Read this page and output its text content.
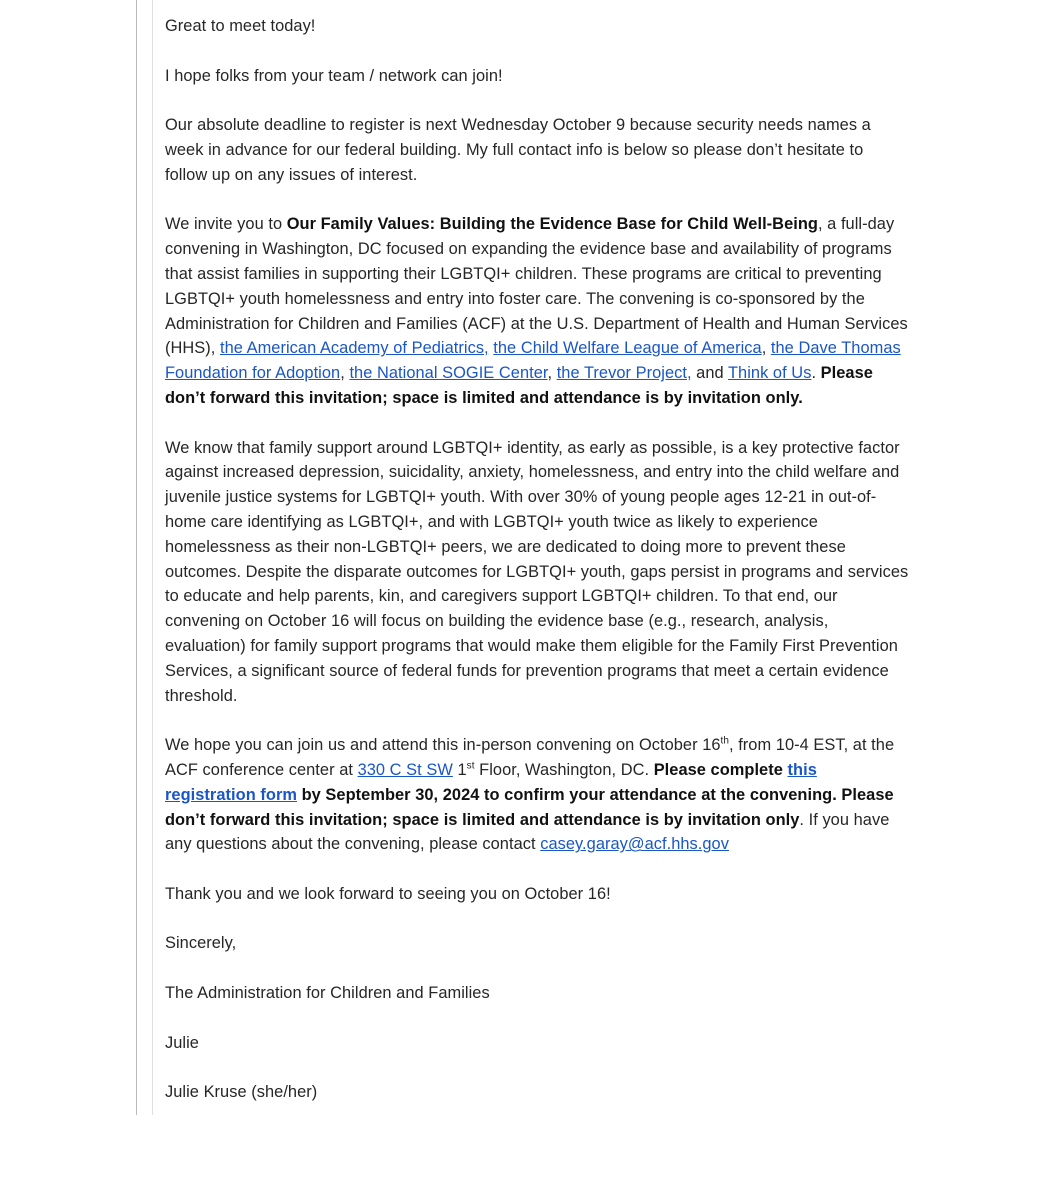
Great to meet today!

I hope folks from your team / network can join!

Our absolute deadline to register is next Wednesday October 9 because security needs names a week in advance for our federal building. My full contact info is below so please don’t hesitate to follow up on any issues of interest.

We invite you to Our Family Values: Building the Evidence Base for Child Well-Being, a full-day convening in Washington, DC focused on expanding the evidence base and availability of programs that assist families in supporting their LGBTQI+ children. These programs are critical to preventing LGBTQI+ youth homelessness and entry into foster care. The convening is co-sponsored by the Administration for Children and Families (ACF) at the U.S. Department of Health and Human Services (HHS), the American Academy of Pediatrics, the Child Welfare League of America, the Dave Thomas Foundation for Adoption, the National SOGIE Center, the Trevor Project, and Think of Us. Please don’t forward this invitation; space is limited and attendance is by invitation only.

We know that family support around LGBTQI+ identity, as early as possible, is a key protective factor against increased depression, suicidality, anxiety, homelessness, and entry into the child welfare and juvenile justice systems for LGBTQI+ youth. With over 30% of young people ages 12-21 in out-of-home care identifying as LGBTQI+, and with LGBTQI+ youth twice as likely to experience homelessness as their non-LGBTQI+ peers, we are dedicated to doing more to prevent these outcomes. Despite the disparate outcomes for LGBTQI+ youth, gaps persist in programs and services to educate and help parents, kin, and caregivers support LGBTQI+ children. To that end, our convening on October 16 will focus on building the evidence base (e.g., research, analysis, evaluation) for family support programs that would make them eligible for the Family First Prevention Services, a significant source of federal funds for prevention programs that meet a certain evidence threshold.

We hope you can join us and attend this in-person convening on October 16th, from 10-4 EST, at the ACF conference center at 330 C St SW 1st Floor, Washington, DC. Please complete this registration form by September 30, 2024 to confirm your attendance at the convening. Please don’t forward this invitation; space is limited and attendance is by invitation only. If you have any questions about the convening, please contact casey.garay@acf.hhs.gov

Thank you and we look forward to seeing you on October 16!

Sincerely,

The Administration for Children and Families

Julie

Julie Kruse (she/her)
